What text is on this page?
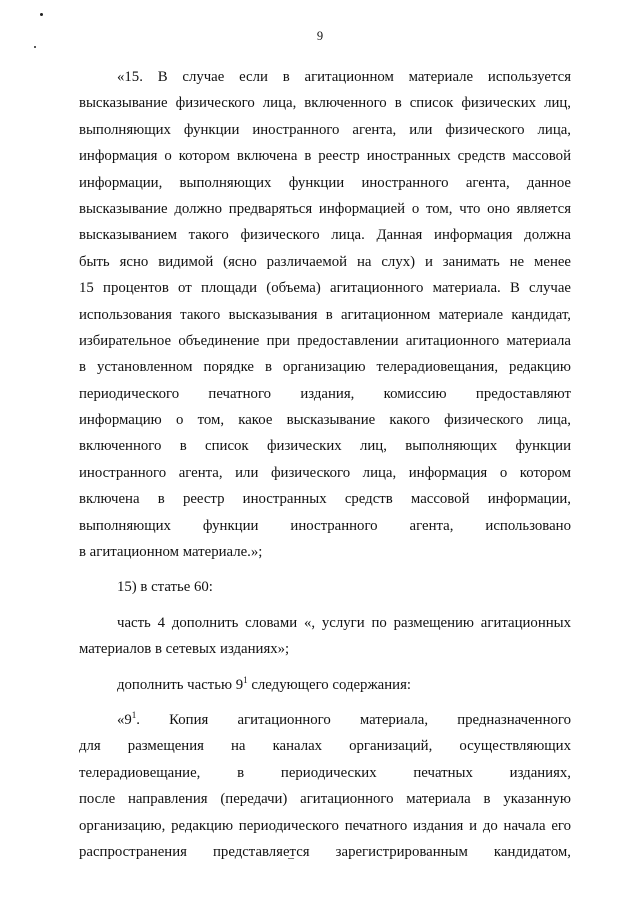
9
«15. В случае если в агитационном материале используется
высказывание физического лица, включенного в список физических лиц,
выполняющих функции иностранного агента, или физического лица,
информация о котором включена в реестр иностранных средств массовой
информации, выполняющих функции иностранного агента, данное
высказывание должно предваряться информацией о том, что оно является
высказыванием такого физического лица. Данная информация должна
быть ясно видимой (ясно различаемой на слух) и занимать не менее
15 процентов от площади (объема) агитационного материала. В случае
использования такого высказывания в агитационном материале кандидат,
избирательное объединение при предоставлении агитационного материала
в установленном порядке в организацию телерадиовещания, редакцию
периодического печатного издания, комиссию предоставляют
информацию о том, какое высказывание какого физического лица,
включенного в список физических лиц, выполняющих функции
иностранного агента, или физического лица, информация о котором
включена в реестр иностранных средств массовой информации,
выполняющих функции иностранного агента, использовано
в агитационном материале.»;
15) в статье 60:
часть 4 дополнить словами «, услуги по размещению агитационных
материалов в сетевых изданиях»;
дополнить частью $9^1$ следующего содержания:
«$9^1$. Копия агитационного материала, предназначенного
для размещения на каналах организаций, осуществляющих
телерадиовещание, в периодических печатных изданиях,
после направления (передачи) агитационного материала в указанную
организацию, редакцию периодического печатного издания и до начала его
распространения представляется зарегистрированным кандидатом,
